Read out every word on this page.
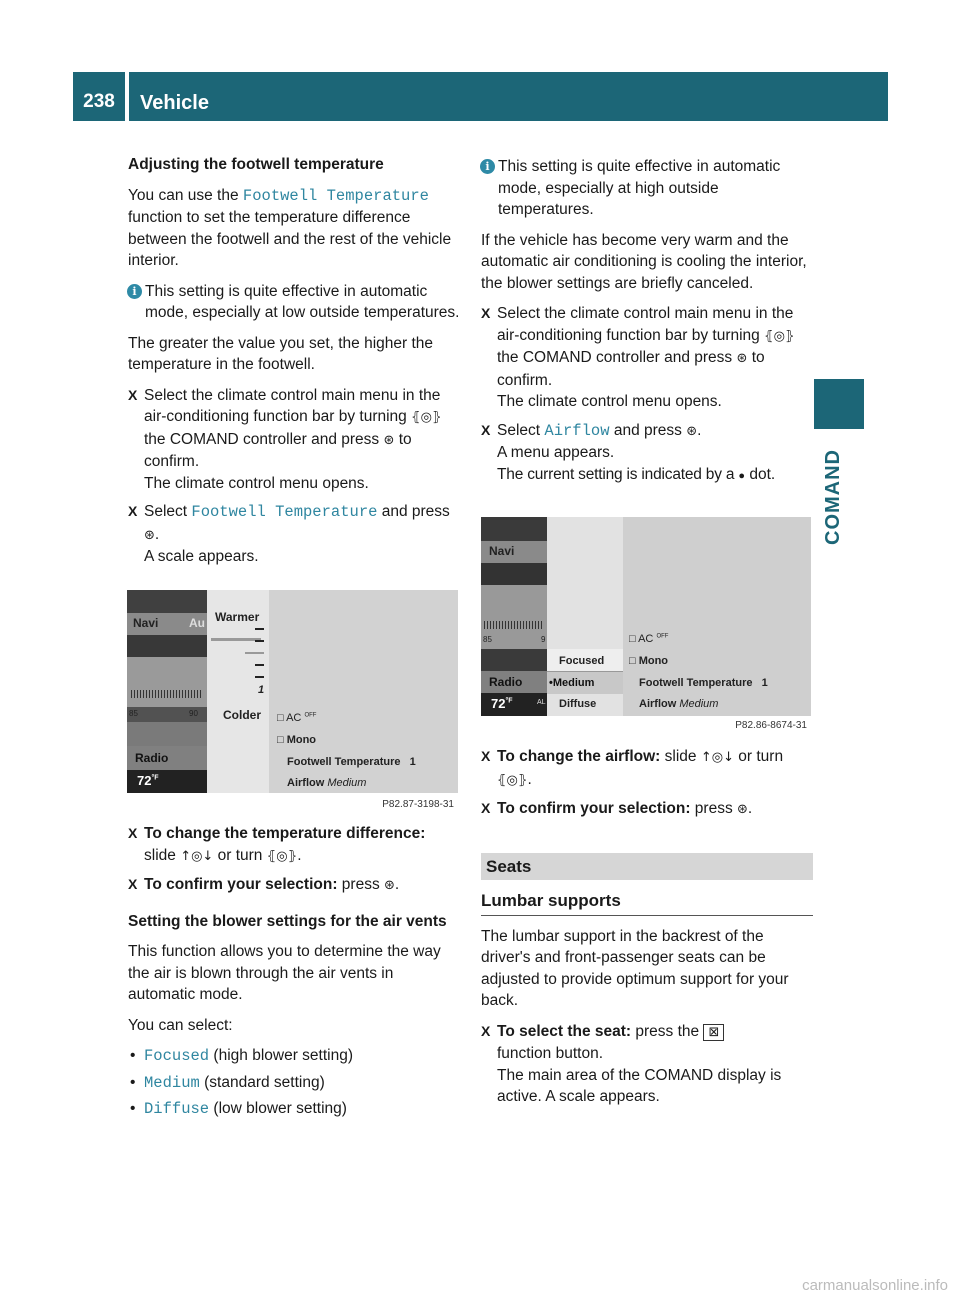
238	Vehicle
COMAND

Adjusting the footwell temperature

You can use the Footwell Temperature function to set the temperature difference between the footwell and the rest of the vehicle interior.

i This setting is quite effective in automatic mode, especially at low outside temperatures.

The greater the value you set, the higher the temperature in the footwell.

X Select the climate control main menu in the air-conditioning function bar by turning ⦃◎⦄ the COMAND controller and press ⊛ to confirm.
The climate control menu opens.
X Select Footwell Temperature and press
⊛.
A scale appears.
Navi	Au
85	90
Radio
$72^{^\circ F}$
Warmer
1
Colder □ AC $^{OFF}$
□ Mono
Footwell Temperature   1
Airflow Medium
P82.87-3198-31
X To change the temperature difference:
slide ↑◎↓ or turn ⦃◎⦄.
X To confirm your selection: press ⊛.

Setting the blower settings for the air vents

This function allows you to determine the way the air is blown through the air vents in automatic mode.

You can select:

• Focused (high blower setting)
• Medium (standard setting)
• Diffuse (low blower setting)
i This setting is quite effective in automatic mode, especially at high outside temperatures.

If the vehicle has become very warm and the automatic air conditioning is cooling the interior, the blower settings are briefly canceled.

X Select the climate control main menu in the air-conditioning function bar by turning ⦃◎⦄ the COMAND controller and press ⊛ to confirm.
The climate control menu opens.
X Select Airflow and press ⊛.
A menu appears.
The current setting is indicated by a ● dot.
Navi
85	9
Radio
$72^{^\circ F}$	AL
Focused
•Medium
Diffuse
□ AC $^{OFF}$
□ Mono
Footwell Temperature   1
Airflow Medium
P82.86-8674-31
X To change the airflow: slide ↑◎↓ or turn
⦃◎⦄.
X To confirm your selection: press ⊛.
Seats
Lumbar supports

The lumbar support in the backrest of the driver's and front-passenger seats can be adjusted to provide optimum support for your back.

X To select the seat: press the ⊠
function button.
The main area of the COMAND display is active. A scale appears.
carmanualsonline.info
